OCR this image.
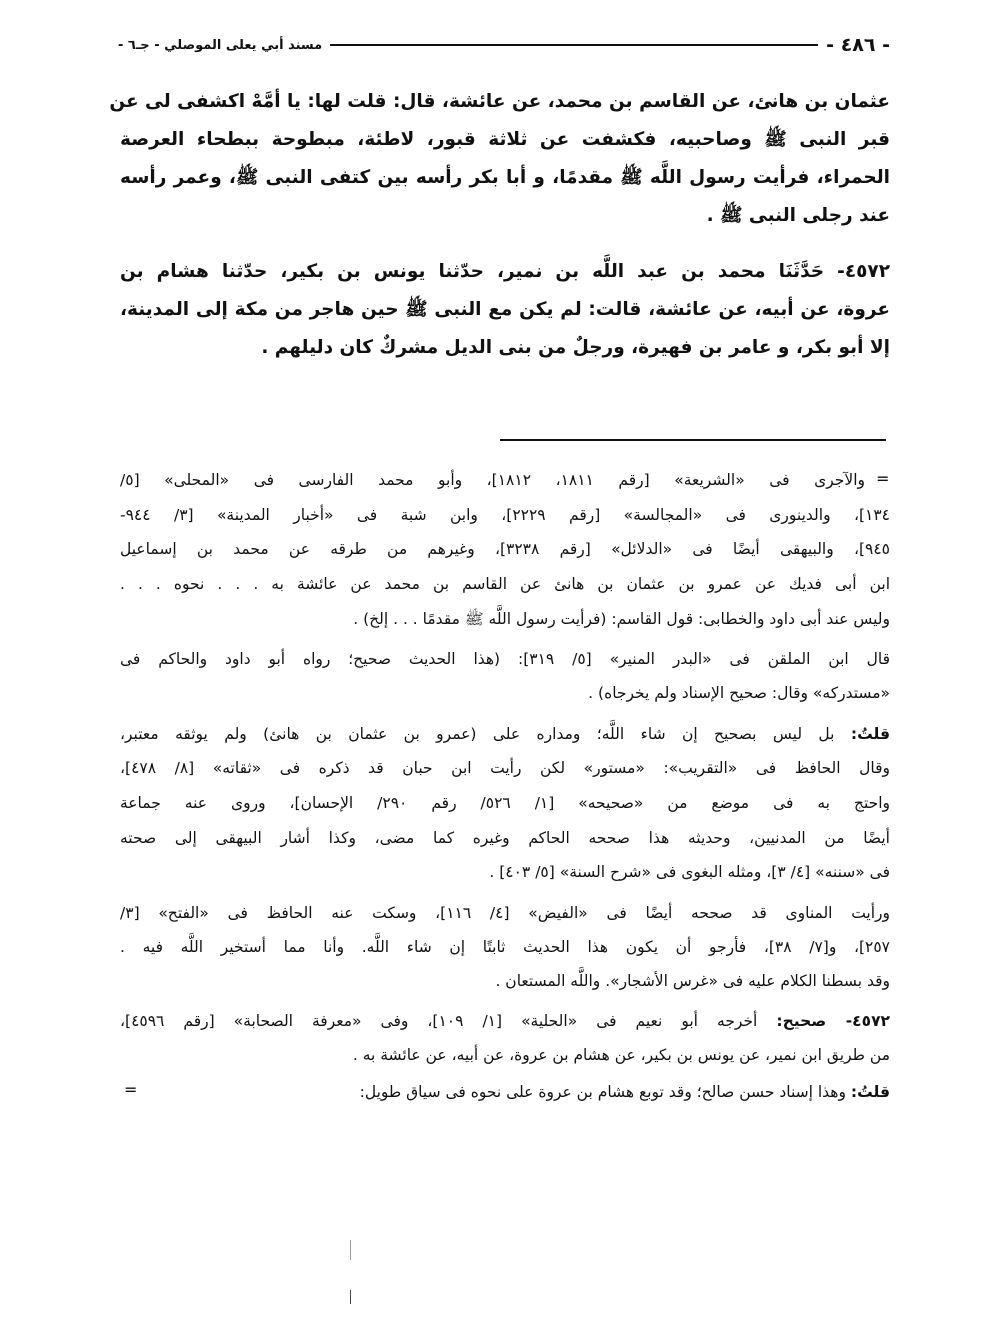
- ٤٨٦ -
مسند أبي يعلى الموصلي - جـ٦ -
عثمان بن هانئ، عن القاسم بن محمد، عن عائشة، قال: قلت لها: يا أمَّهْ اكشفى لى عن
قبر النبى ﷺ وصاحبيه، فكشفت عن ثلاثة قبور، لاطئة، مبطوحة ببطحاء العرصة
الحمراء، فرأيت رسول اللَّه ﷺ مقدمًا، و أبا بكر رأسه بين كتفى النبى ﷺ، وعمر رأسه
عند رجلى النبى ﷺ .
٤٥٧٢- حَدَّثَنَا محمد بن عبد اللَّه بن نمير، حدّثنا يونس بن بكير، حدّثنا هشام بن
عروة، عن أبيه، عن عائشة، قالت: لم يكن مع النبى ﷺ حين هاجر من مكة إلى المدينة،
إلا أبو بكر، و عامر بن فهيرة، ورجلٌ من بنى الديل مشركٌ كان دليلهم .
=
والآجرى فى «الشريعة» [رقم ١٨١١، ١٨١٢]، وأبو محمد الفارسى فى «المحلى» [٥/
١٣٤]، والدينورى فى «المجالسة» [رقم ٢٢٢٩]، وابن شبة فى «أخبار المدينة» [٣/ ٩٤٤-
٩٤٥]، والبيهقى أيضًا فى «الدلائل» [رقم ٣٢٣٨]، وغيرهم من طرقه عن محمد بن إسماعيل
ابن أبى فديك عن عمرو بن عثمان بن هانئ عن القاسم بن محمد عن عائشة به . . . نحوه . . .
وليس عند أبى داود والخطابى: قول القاسم: (فرأيت رسول اللَّه ﷺ مقدمًا . . . إلخ) .
قال ابن الملقن فى «البدر المنير» [٥/ ٣١٩]: (هذا الحديث صحيح؛ رواه أبو داود والحاكم فى
«مستدركه» وقال: صحيح الإسناد ولم يخرجاه) .
قلتُ: بل ليس بصحيح إن شاء اللَّه؛ ومداره على (عمرو بن عثمان بن هانئ) ولم يوثقه معتبر،
وقال الحافظ فى «التقريب»: «مستور» لكن رأيت ابن حبان قد ذكره فى «ثقاته» [٨/ ٤٧٨]،
واحتج به فى موضع من «صحيحه» [١/ ٥٢٦/ رقم ٢٩٠/ الإحسان]، وروى عنه جماعة
أيضًا من المدنيين، وحديثه هذا صححه الحاكم وغيره كما مضى، وكذا أشار البيهقى إلى صحته
فى «سننه» [٤/ ٣]، ومثله البغوى فى «شرح السنة» [٥/ ٤٠٣] .
ورأيت المناوى قد صححه أيضًا فى «الفيض» [٤/ ١١٦]، وسكت عنه الحافظ فى «الفتح» [٣/
٢٥٧]، و[٧/ ٣٨]، فأرجو أن يكون هذا الحديث ثابتًا إن شاء اللَّه. وأنا مما أستخير اللَّه فيه .
وقد بسطنا الكلام عليه فى «غرس الأشجار». واللَّه المستعان .
٤٥٧٢- صحيح: أخرجه أبو نعيم فى «الحلية» [١/ ١٠٩]، وفى «معرفة الصحابة» [رقم ٤٥٩٦]،
من طريق ابن نمير، عن يونس بن بكير، عن هشام بن عروة، عن أبيه، عن عائشة به .
قلتُ: وهذا إسناد حسن صالح؛ وقد توبع هشام بن عروة على نحوه فى سياق طويل:
=
